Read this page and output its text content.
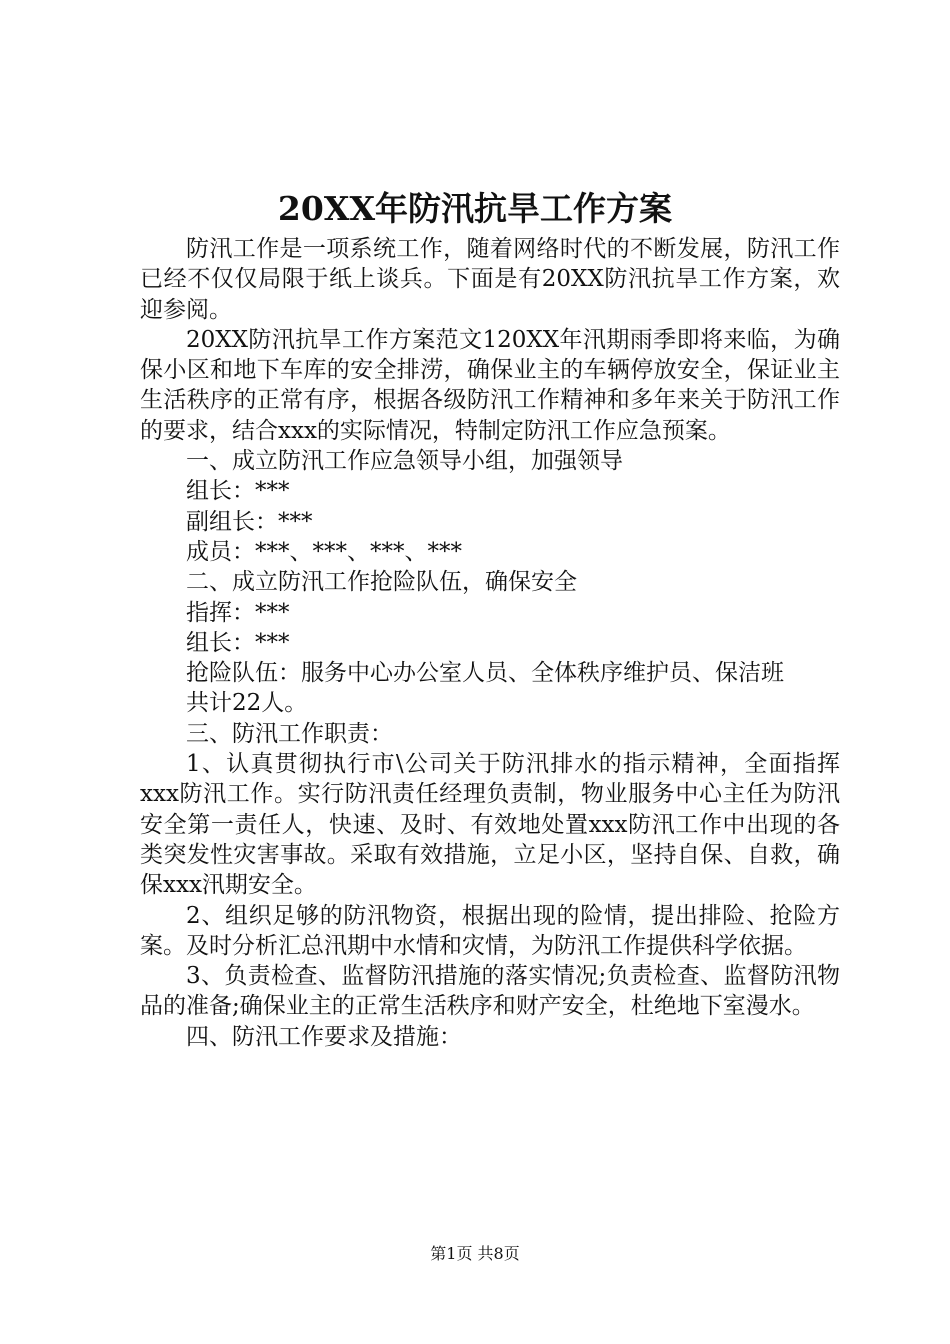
20XX年防汛抗旱工作方案

防汛工作是一项系统工作，随着网络时代的不断发展，防汛工作已经不仅仅局限于纸上谈兵。下面是有20XX防汛抗旱工作方案，欢迎参阅。

20XX防汛抗旱工作方案范文120XX年汛期雨季即将来临，为确保小区和地下车库的安全排涝，确保业主的车辆停放安全，保证业主生活秩序的正常有序，根据各级防汛工作精神和多年来关于防汛工作的要求，结合xxx的实际情况，特制定防汛工作应急预案。

一、成立防汛工作应急领导小组，加强领导

组长：***

副组长：***

成员：***、***、***、***

二、成立防汛工作抢险队伍，确保安全

指挥：***

组长：***

抢险队伍：服务中心办公室人员、全体秩序维护员、保洁班

共计22人。

三、防汛工作职责：

1、认真贯彻执行市\公司关于防汛排水的指示精神，全面指挥xxx防汛工作。实行防汛责任经理负责制，物业服务中心主任为防汛安全第一责任人，快速、及时、有效地处置xxx防汛工作中出现的各类突发性灾害事故。采取有效措施，立足小区，坚持自保、自救，确保xxx汛期安全。

2、组织足够的防汛物资，根据出现的险情，提出排险、抢险方案。及时分析汇总汛期中水情和灾情，为防汛工作提供科学依据。

3、负责检查、监督防汛措施的落实情况;负责检查、监督防汛物品的准备;确保业主的正常生活秩序和财产安全，杜绝地下室漫水。

四、防汛工作要求及措施：

第1页 共8页
